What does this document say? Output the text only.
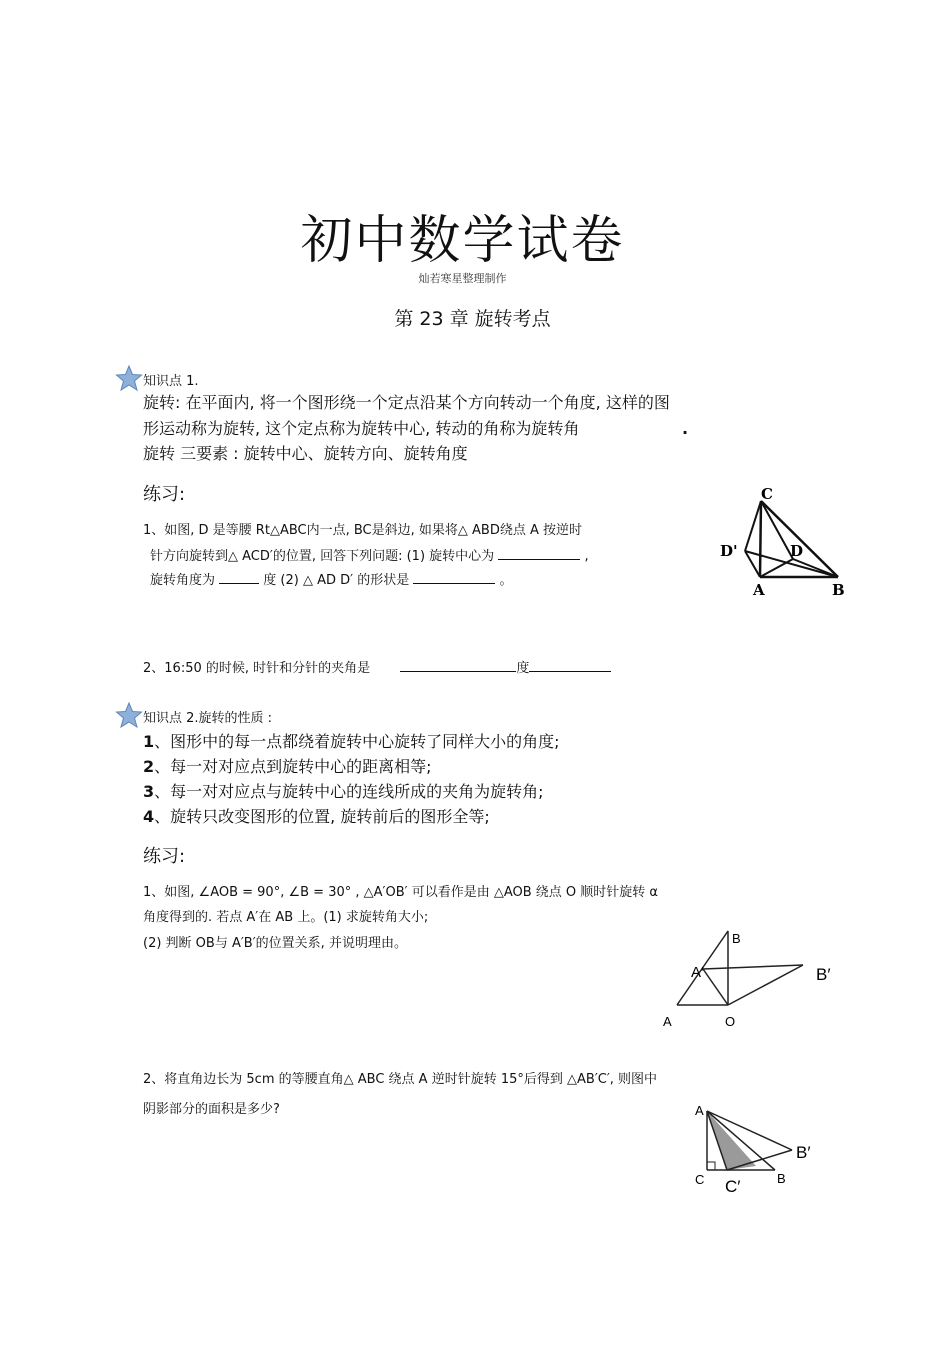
初中数学试卷
灿若寒星整理制作
第 23 章 旋转考点
知识点 1.
旋转: 在平面内, 将一个图形绕一个定点沿某个方向转动一个角度, 这样的图
形运动称为旋转, 这个定点称为旋转中心, 转动的角称为旋转角	.
旋转 三要素 : 旋转中心、旋转方向、旋转角度
练习:
1、如图, D 是等腰 Rt△ABC内一点, BC是斜边, 如果将△ ABD绕点 A 按逆时
针方向旋转到△ ACD′的位置, 回答下列问题: (1) 旋转中心为	,
旋转角度为	度 (2) △ AD D′ 的形状是	。
C
D'	D
A	B
2、16:50 的时候, 时针和分针的夹角是	度
知识点 2.旋转的性质 :
1、图形中的每一点都绕着旋转中心旋转了同样大小的角度;
2、每一对对应点到旋转中心的距离相等;
3、每一对对应点与旋转中心的连线所成的夹角为旋转角;
4、旋转只改变图形的位置, 旋转前后的图形全等;
练习:
1、如图, ∠AOB = 90°, ∠B = 30° , △A′OB′ 可以看作是由 △AOB 绕点 O 顺时针旋转 α
角度得到的. 若点 A′在 AB 上。(1) 求旋转角大小;
(2) 判断 OB与 A′B′的位置关系, 并说明理由。	B
A′	B′
A	O
2、将直角边长为 5cm 的等腰直角△ ABC 绕点 A 逆时针旋转 15°后得到 △AB′C′, 则图中
阴影部分的面积是多少?	A
B′
C	B
C′
